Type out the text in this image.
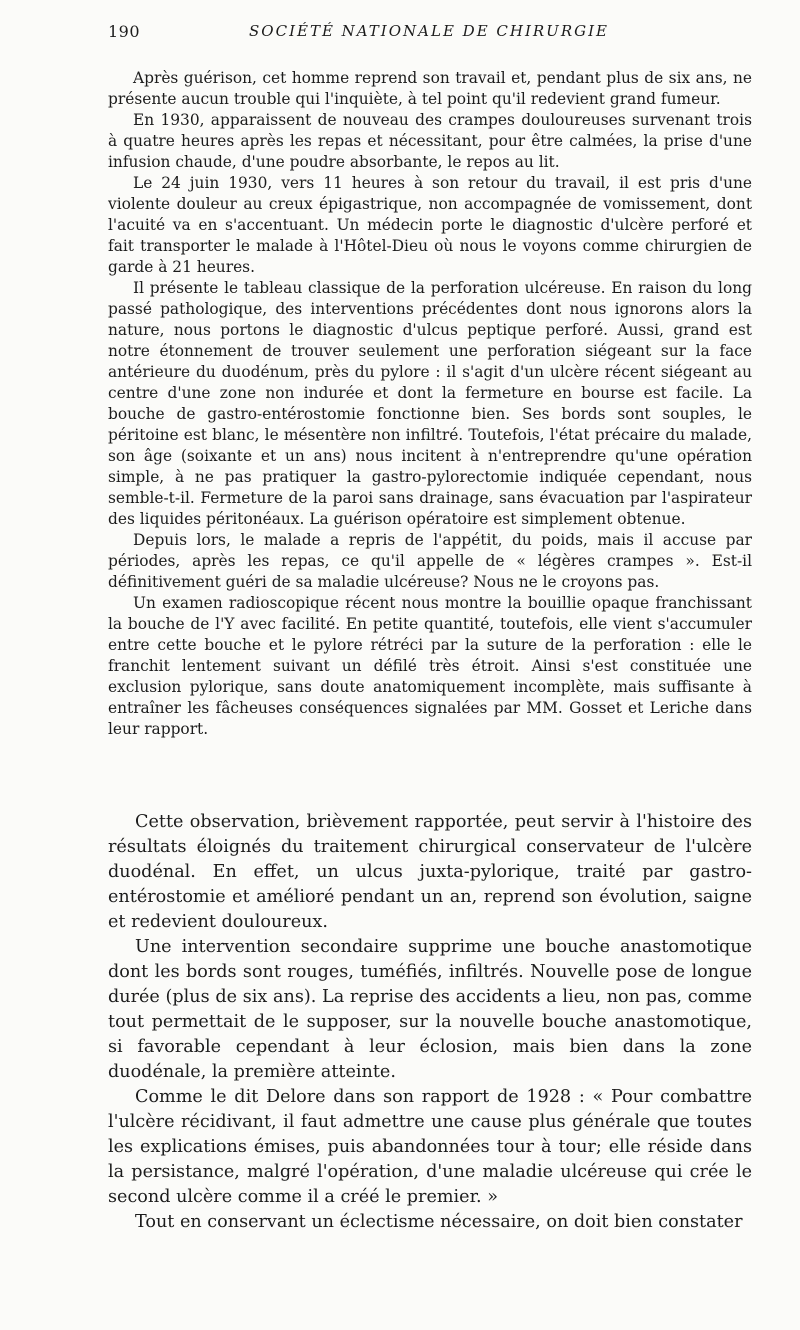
190	SOCIÉTÉ NATIONALE DE CHIRURGIE

Après guérison, cet homme reprend son travail et, pendant plus de six ans, ne présente aucun trouble qui l'inquiète, à tel point qu'il redevient grand fumeur.

En 1930, apparaissent de nouveau des crampes douloureuses survenant trois à quatre heures après les repas et nécessitant, pour être calmées, la prise d'une infusion chaude, d'une poudre absorbante, le repos au lit.

Le 24 juin 1930, vers 11 heures à son retour du travail, il est pris d'une violente douleur au creux épigastrique, non accompagnée de vomissement, dont l'acuité va en s'accentuant. Un médecin porte le diagnostic d'ulcère perforé et fait transporter le malade à l'Hôtel-Dieu où nous le voyons comme chirurgien de garde à 21 heures.

Il présente le tableau classique de la perforation ulcéreuse. En raison du long passé pathologique, des interventions précédentes dont nous ignorons alors la nature, nous portons le diagnostic d'ulcus peptique perforé. Aussi, grand est notre étonnement de trouver seulement une perforation siégeant sur la face antérieure du duodénum, près du pylore : il s'agit d'un ulcère récent siégeant au centre d'une zone non indurée et dont la fermeture en bourse est facile. La bouche de gastro-entérostomie fonctionne bien. Ses bords sont souples, le péritoine est blanc, le mésentère non infiltré. Toutefois, l'état précaire du malade, son âge (soixante et un ans) nous incitent à n'entreprendre qu'une opération simple, à ne pas pratiquer la gastro-pylorectomie indiquée cependant, nous semble-t-il. Fermeture de la paroi sans drainage, sans évacuation par l'aspirateur des liquides péritonéaux. La guérison opératoire est simplement obtenue.

Depuis lors, le malade a repris de l'appétit, du poids, mais il accuse par périodes, après les repas, ce qu'il appelle de « légères crampes ». Est-il définitivement guéri de sa maladie ulcéreuse? Nous ne le croyons pas.

Un examen radioscopique récent nous montre la bouillie opaque franchissant la bouche de l'Y avec facilité. En petite quantité, toutefois, elle vient s'accumuler entre cette bouche et le pylore rétréci par la suture de la perforation : elle le franchit lentement suivant un défilé très étroit. Ainsi s'est constituée une exclusion pylorique, sans doute anatomiquement incomplète, mais suffisante à entraîner les fâcheuses conséquences signalées par MM. Gosset et Leriche dans leur rapport.

Cette observation, brièvement rapportée, peut servir à l'histoire des résultats éloignés du traitement chirurgical conservateur de l'ulcère duodénal. En effet, un ulcus juxta-pylorique, traité par gastro-entérostomie et amélioré pendant un an, reprend son évolution, saigne et redevient douloureux.

Une intervention secondaire supprime une bouche anastomotique dont les bords sont rouges, tuméfiés, infiltrés. Nouvelle pose de longue durée (plus de six ans). La reprise des accidents a lieu, non pas, comme tout permettait de le supposer, sur la nouvelle bouche anastomotique, si favorable cependant à leur éclosion, mais bien dans la zone duodénale, la première atteinte.

Comme le dit Delore dans son rapport de 1928 : « Pour combattre l'ulcère récidivant, il faut admettre une cause plus générale que toutes les explications émises, puis abandonnées tour à tour; elle réside dans la persistance, malgré l'opération, d'une maladie ulcéreuse qui crée le second ulcère comme il a créé le premier. »

Tout en conservant un éclectisme nécessaire, on doit bien constater
